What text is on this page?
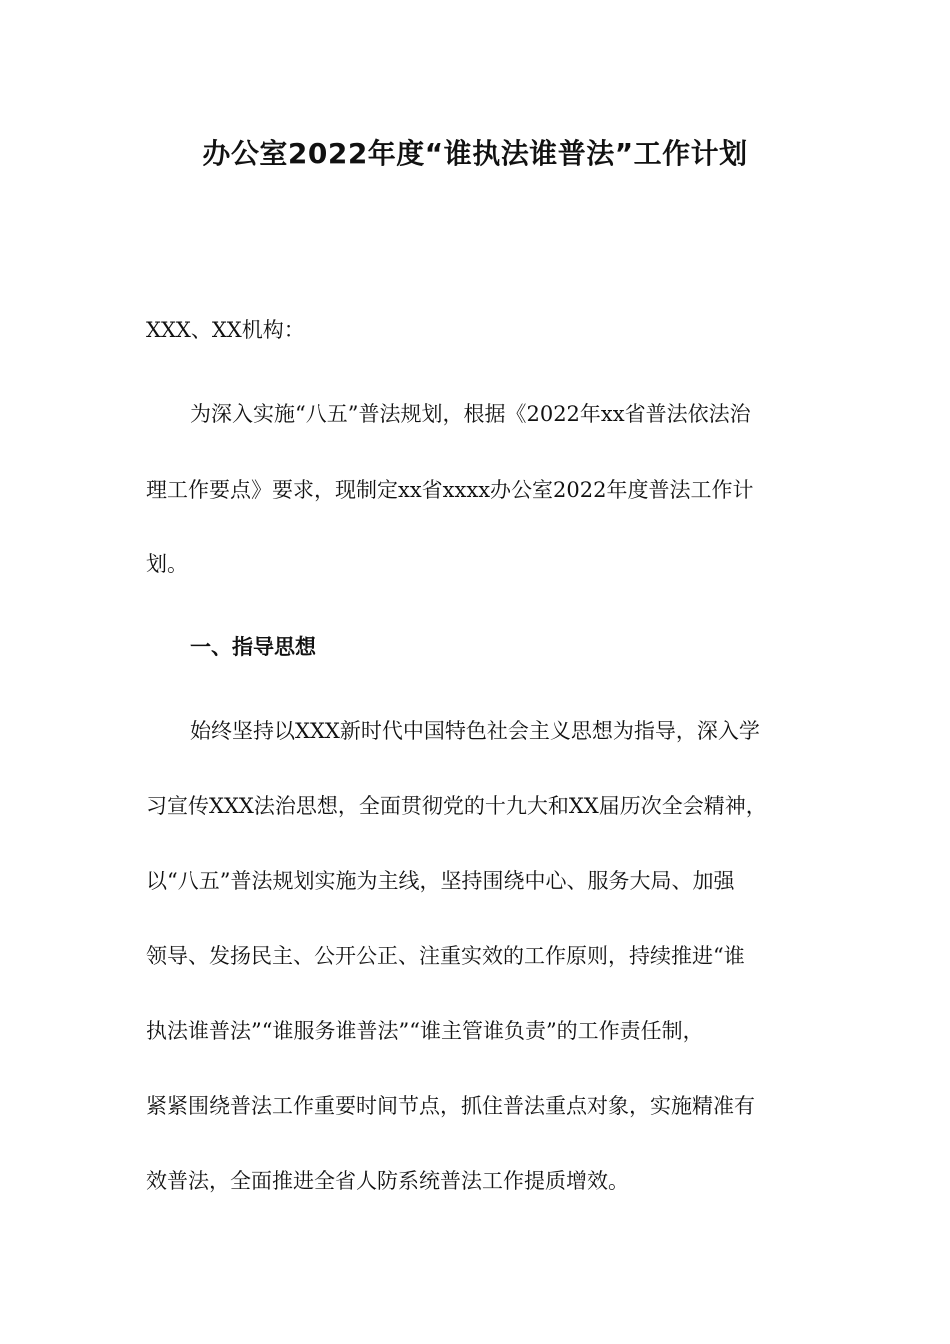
办公室2022年度“谁执法谁普法”工作计划

XXX、XX机构：

为深入实施“八五”普法规划，根据《2022年xx省普法依法治

理工作要点》要求，现制定xx省xxxx办公室2022年度普法工作计

划。

一、指导思想

始终坚持以XXX新时代中国特色社会主义思想为指导，深入学

习宣传XXX法治思想，全面贯彻党的十九大和XX届历次全会精神，

以“八五”普法规划实施为主线，坚持围绕中心、服务大局、加强

领导、发扬民主、公开公正、注重实效的工作原则，持续推进“谁

执法谁普法”“谁服务谁普法”“谁主管谁负责”的工作责任制，

紧紧围绕普法工作重要时间节点，抓住普法重点对象，实施精准有

效普法，全面推进全省人防系统普法工作提质增效。
